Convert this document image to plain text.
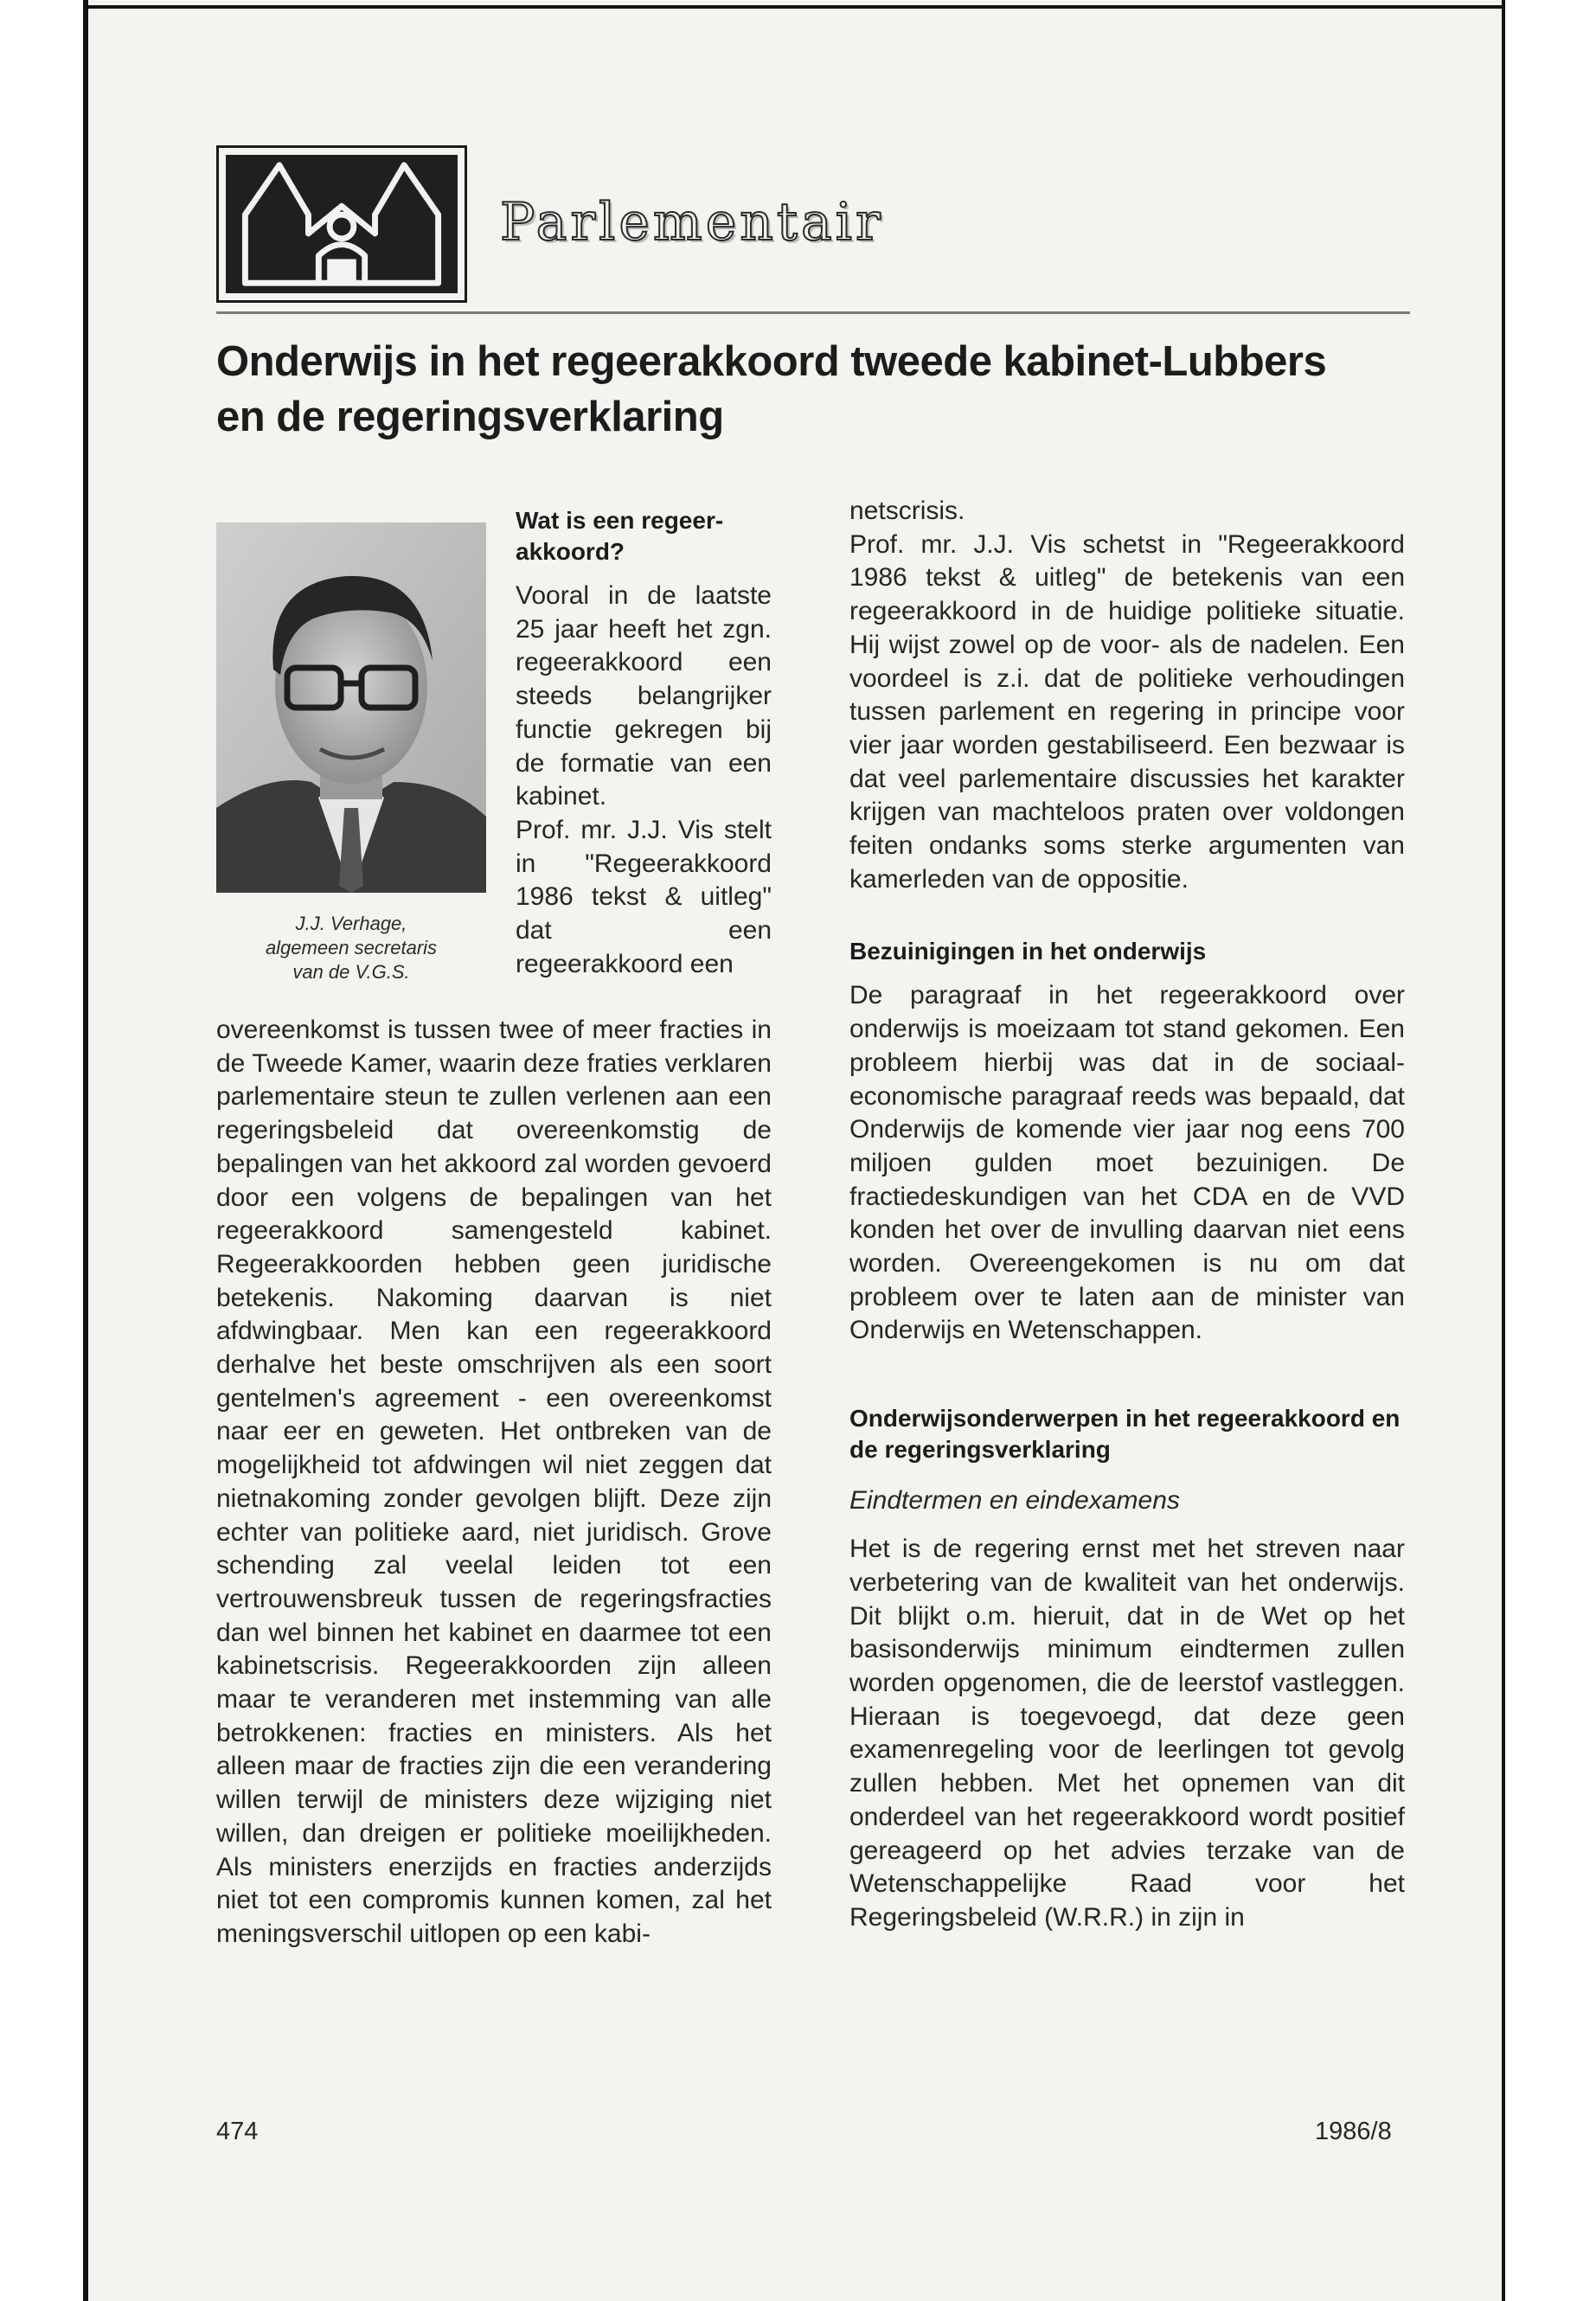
Parlementair
Onderwijs in het regeerakkoord tweede kabinet-Lubbers
en de regeringsverklaring
J.J. Verhage,
algemeen secretaris
van de V.G.S.
Wat is een regeer-akkoord?

Vooral in de laatste 25 jaar heeft het zgn. regeerakkoord een steeds belangrijker functie gekregen bij de formatie van een kabinet.

Prof. mr. J.J. Vis stelt in "Regeerakkoord 1986 tekst & uitleg" dat een regeerakkoord een

overeenkomst is tussen twee of meer fracties in de Tweede Kamer, waarin deze fraties verklaren parlementaire steun te zullen verlenen aan een regeringsbeleid dat overeenkomstig de bepalingen van het akkoord zal worden gevoerd door een volgens de bepalingen van het regeerakkoord samengesteld kabinet. Regeerakkoorden hebben geen juridische betekenis. Nakoming daarvan is niet afdwingbaar. Men kan een regeerakkoord derhalve het beste omschrijven als een soort gentelmen's agreement - een overeenkomst naar eer en geweten. Het ontbreken van de mogelijkheid tot afdwingen wil niet zeggen dat nietnakoming zonder gevolgen blijft. Deze zijn echter van politieke aard, niet juridisch. Grove schending zal veelal leiden tot een vertrouwensbreuk tussen de regeringsfracties dan wel binnen het kabinet en daarmee tot een kabinetscrisis. Regeerakkoorden zijn alleen maar te veranderen met instemming van alle betrokkenen: fracties en ministers. Als het alleen maar de fracties zijn die een verandering willen terwijl de ministers deze wijziging niet willen, dan dreigen er politieke moeilijkheden. Als ministers enerzijds en fracties anderzijds niet tot een compromis kunnen komen, zal het meningsverschil uitlopen op een kabi-

netscrisis.

Prof. mr. J.J. Vis schetst in "Regeerakkoord 1986 tekst & uitleg" de betekenis van een regeerakkoord in de huidige politieke situatie. Hij wijst zowel op de voor- als de nadelen. Een voordeel is z.i. dat de politieke verhoudingen tussen parlement en regering in principe voor vier jaar worden gestabiliseerd. Een bezwaar is dat veel parlementaire discussies het karakter krijgen van machteloos praten over voldongen feiten ondanks soms sterke argumenten van kamerleden van de oppositie.

Bezuinigingen in het onderwijs

De paragraaf in het regeerakkoord over onderwijs is moeizaam tot stand gekomen. Een probleem hierbij was dat in de sociaal-economische paragraaf reeds was bepaald, dat Onderwijs de komende vier jaar nog eens 700 miljoen gulden moet bezuinigen. De fractiedeskundigen van het CDA en de VVD konden het over de invulling daarvan niet eens worden. Overeengekomen is nu om dat probleem over te laten aan de minister van Onderwijs en Wetenschappen.

Onderwijsonderwerpen in het regeerakkoord en de regeringsverklaring
Eindtermen en eindexamens

Het is de regering ernst met het streven naar verbetering van de kwaliteit van het onderwijs. Dit blijkt o.m. hieruit, dat in de Wet op het basisonderwijs minimum eindtermen zullen worden opgenomen, die de leerstof vastleggen. Hieraan is toegevoegd, dat deze geen examenregeling voor de leerlingen tot gevolg zullen hebben. Met het opnemen van dit onderdeel van het regeerakkoord wordt positief gereageerd op het advies terzake van de Wetenschappelijke Raad voor het Regeringsbeleid (W.R.R.) in zijn in

474	1986/8
